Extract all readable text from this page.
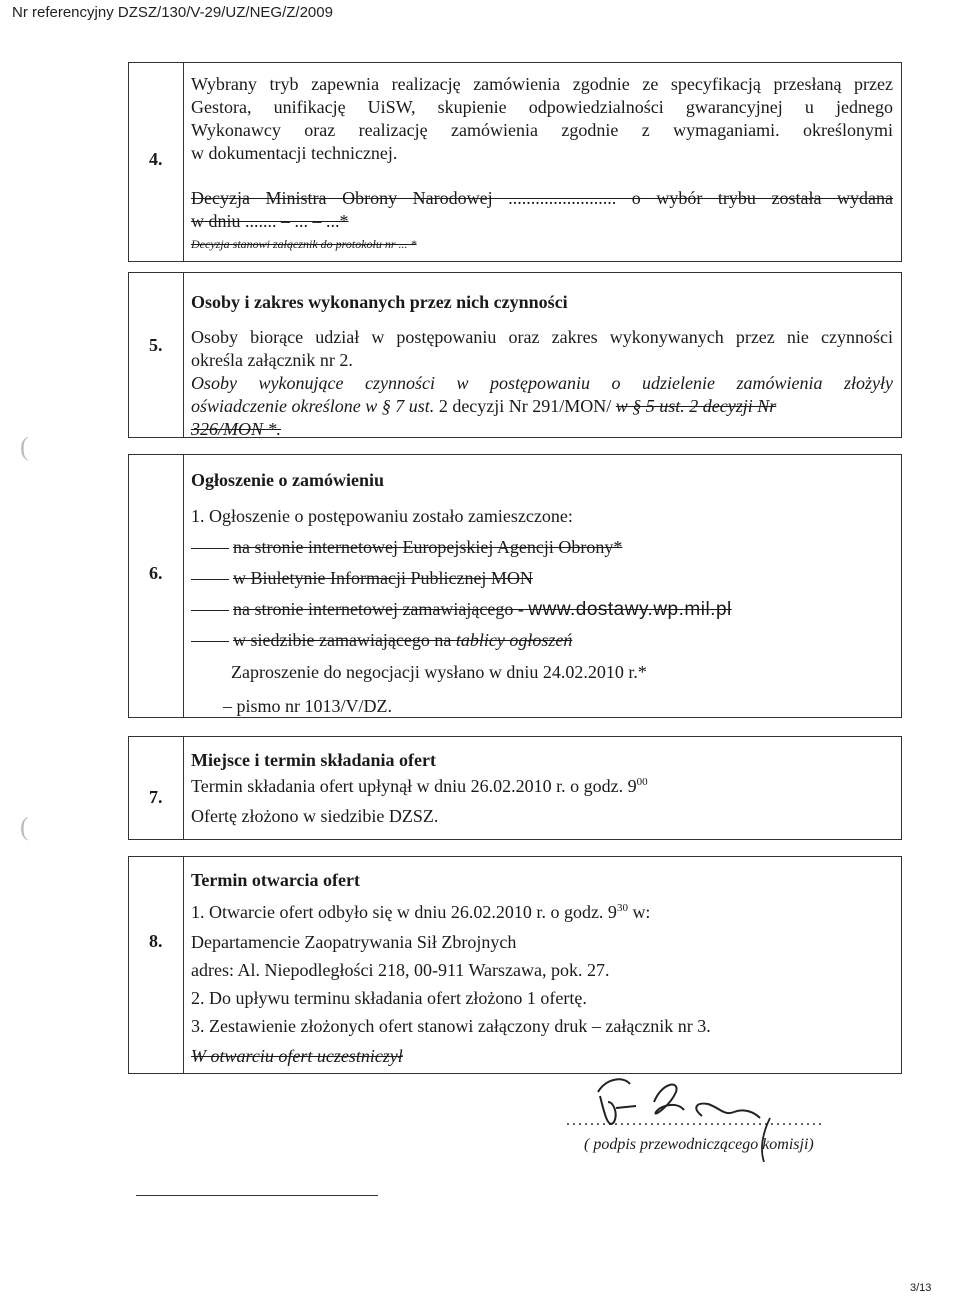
Nr referencyjny DZSZ/130/V-29/UZ/NEG/Z/2009
(
(
4.
Wybrany tryb zapewnia realizację zamówienia zgodnie ze specyfikacją przesłaną przez
Gestora, unifikację UiSW, skupienie odpowiedzialności gwarancyjnej u jednego
Wykonawcy oraz realizację zamówienia zgodnie z wymaganiami. określonymi
w dokumentacji technicznej.
Decyzja Ministra Obrony Narodowej ........................ o wybór trybu została wydana
w dniu ....... – ... – ...*
Decyzja stanowi załącznik do protokołu nr ... *
5.
Osoby i zakres wykonanych przez nich czynności
Osoby biorące udział w postępowaniu oraz zakres wykonywanych przez nie czynności
określa załącznik nr 2.
Osoby wykonujące czynności w postępowaniu o udzielenie zamówienia złożyły
oświadczenie określone w § 7 ust. 2 decyzji Nr 291/MON/ w § 5 ust. 2 decyzji Nr
326/MON *.
6.
Ogłoszenie o zamówieniu
1. Ogłoszenie o postępowaniu zostało zamieszczone:
na stronie internetowej Europejskiej Agencji Obrony*
w Biuletynie Informacji Publicznej MON
na stronie internetowej zamawiającego - www.dostawy.wp.mil.pl
w siedzibie zamawiającego na tablicy ogłoszeń
Zaproszenie do negocjacji wysłano w dniu 24.02.2010 r.*
– pismo nr 1013/V/DZ.
7.
Miejsce i termin składania ofert
Termin składania ofert upłynął w dniu 26.02.2010 r. o godz. $9^{00}$
Ofertę złożono w siedzibie DZSZ.
8.
Termin otwarcia ofert
1. Otwarcie ofert odbyło się w dniu 26.02.2010 r. o godz. $9^{30}$ w:
Departamencie Zaopatrywania Sił Zbrojnych
adres: Al. Niepodległości 218, 00-911 Warszawa, pok. 27.
2. Do upływu terminu składania ofert złożono 1 ofertę.
3. Zestawienie złożonych ofert stanowi załączony druk – załącznik nr 3.
W otwarciu ofert uczestniczył
...........................................
( podpis przewodniczącego komisji)
3/13
